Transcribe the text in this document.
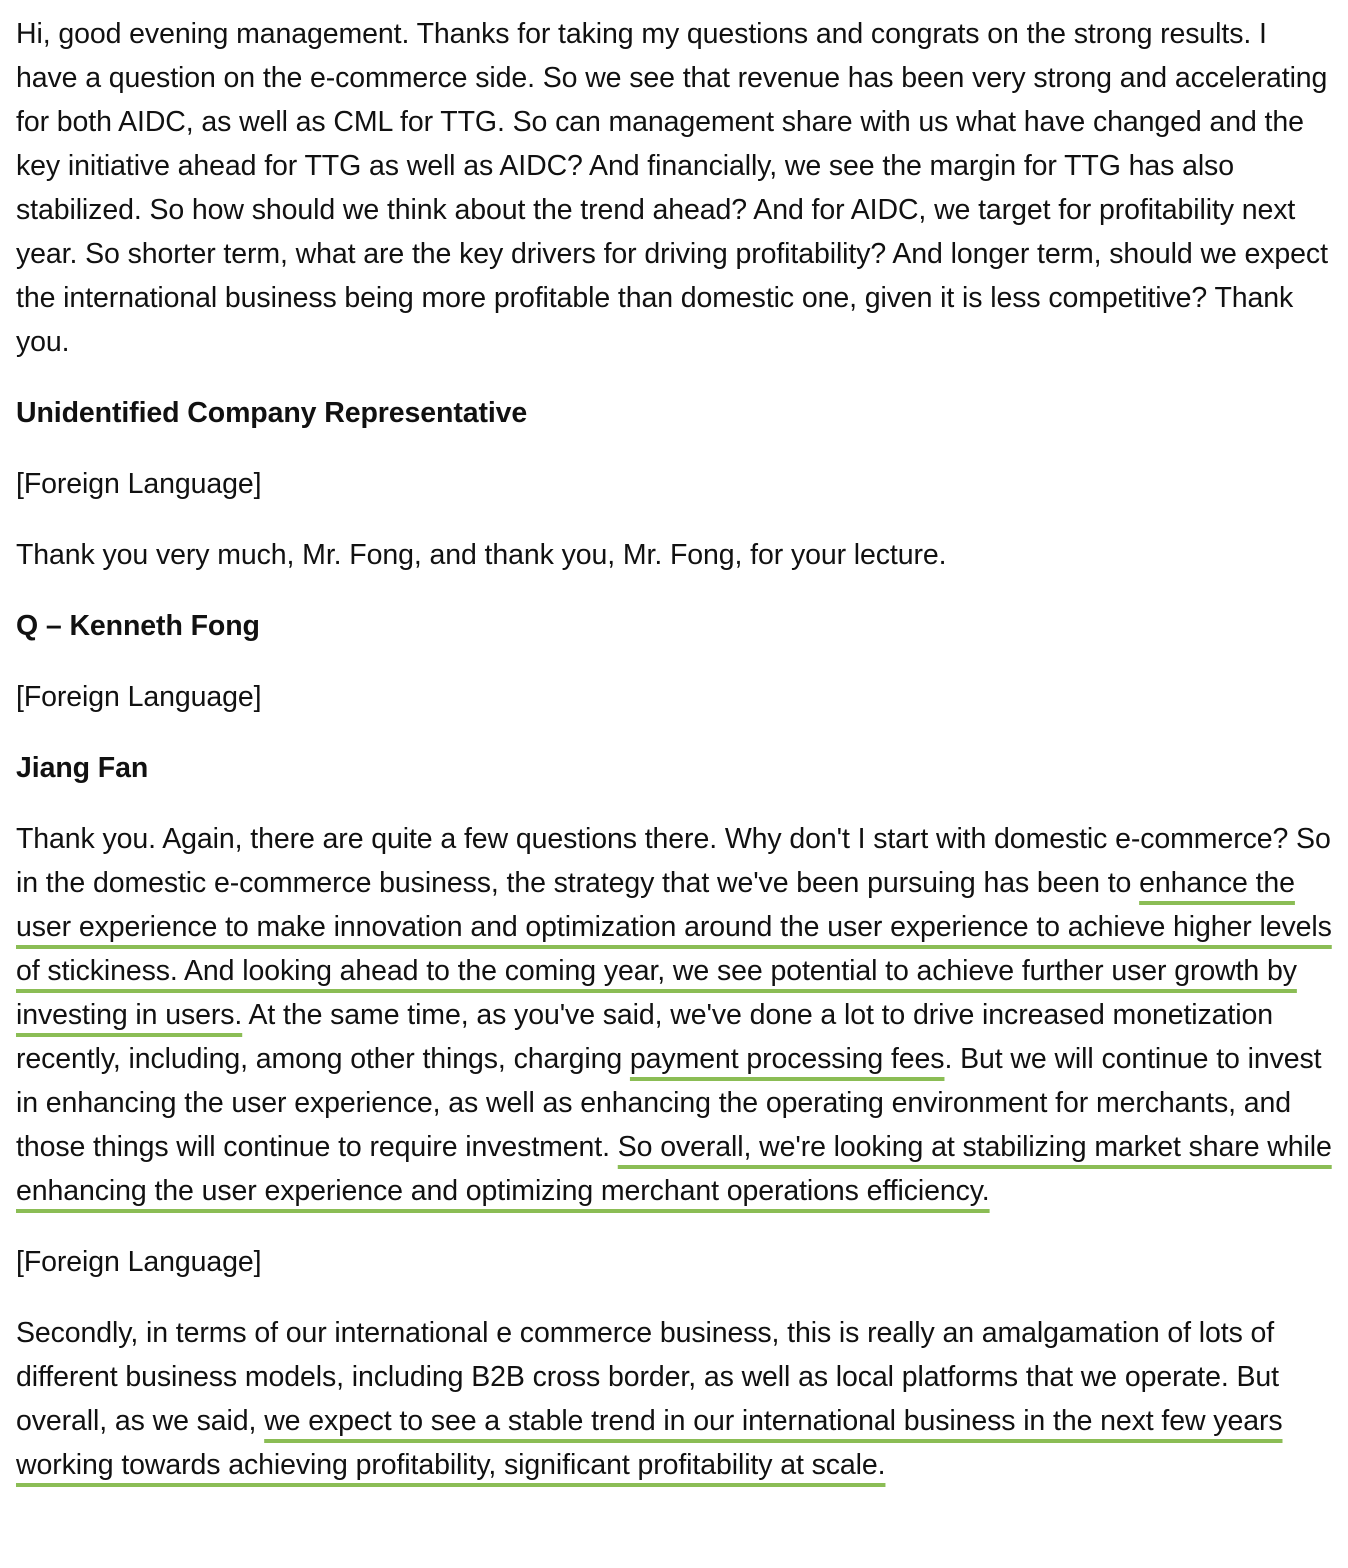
Hi, good evening management. Thanks for taking my questions and congrats on the strong results. I have a question on the e-commerce side. So we see that revenue has been very strong and accelerating for both AIDC, as well as CML for TTG. So can management share with us what have changed and the key initiative ahead for TTG as well as AIDC? And financially, we see the margin for TTG has also stabilized. So how should we think about the trend ahead? And for AIDC, we target for profitability next year. So shorter term, what are the key drivers for driving profitability? And longer term, should we expect the international business being more profitable than domestic one, given it is less competitive? Thank you.

Unidentified Company Representative

[Foreign Language]

Thank you very much, Mr. Fong, and thank you, Mr. Fong, for your lecture.

Q – Kenneth Fong

[Foreign Language]

Jiang Fan

Thank you. Again, there are quite a few questions there. Why don't I start with domestic e-commerce? So in the domestic e-commerce business, the strategy that we've been pursuing has been to enhance the user experience to make innovation and optimization around the user experience to achieve higher levels of stickiness. And looking ahead to the coming year, we see potential to achieve further user growth by investing in users. At the same time, as you've said, we've done a lot to drive increased monetization recently, including, among other things, charging payment processing fees. But we will continue to invest in enhancing the user experience, as well as enhancing the operating environment for merchants, and those things will continue to require investment. So overall, we're looking at stabilizing market share while enhancing the user experience and optimizing merchant operations efficiency.

[Foreign Language]

Secondly, in terms of our international e commerce business, this is really an amalgamation of lots of different business models, including B2B cross border, as well as local platforms that we operate. But overall, as we said, we expect to see a stable trend in our international business in the next few years working towards achieving profitability, significant profitability at scale.
